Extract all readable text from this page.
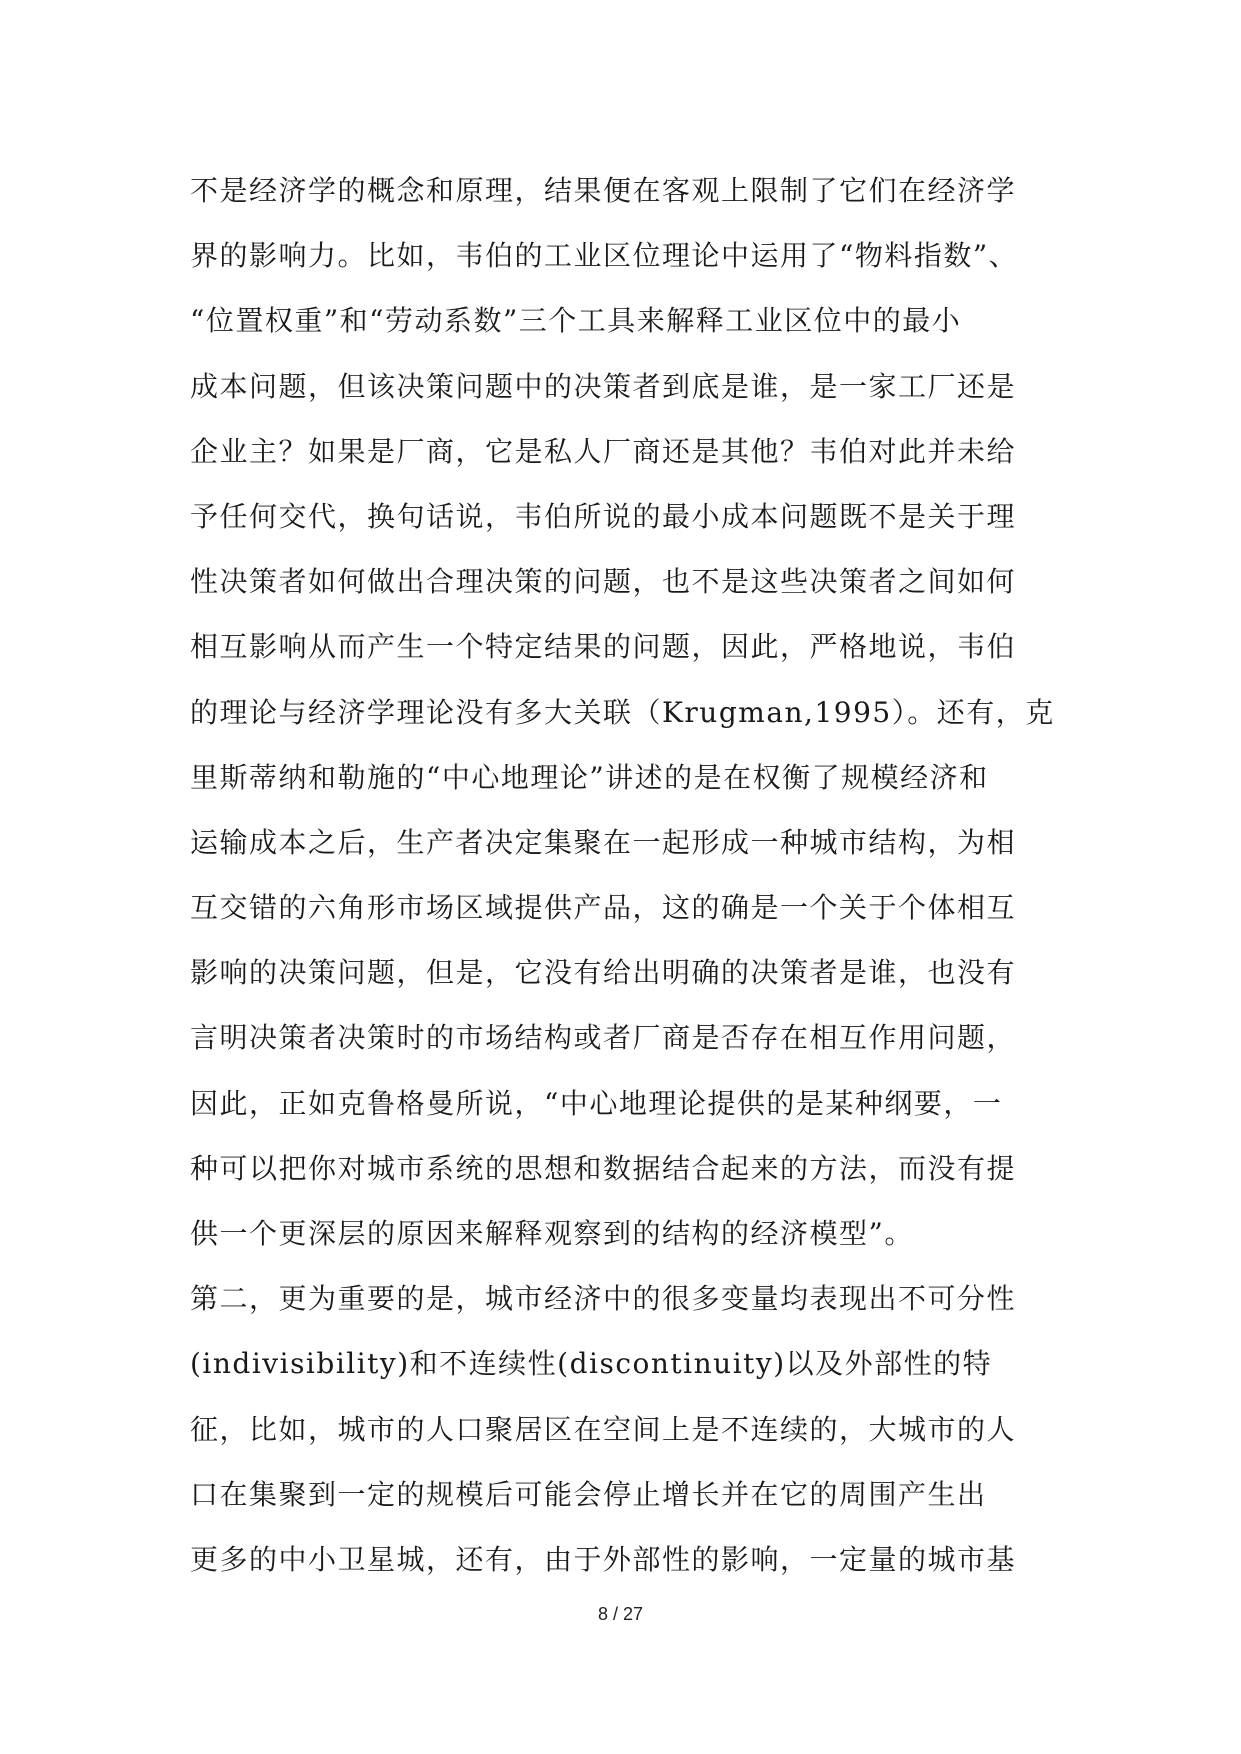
不是经济学的概念和原理，结果便在客观上限制了它们在经济学
界的影响力。比如，韦伯的工业区位理论中运用了“物料指数”、
“位置权重”和“劳动系数”三个工具来解释工业区位中的最小
成本问题，但该决策问题中的决策者到底是谁，是一家工厂还是
企业主？如果是厂商，它是私人厂商还是其他？韦伯对此并未给
予任何交代，换句话说，韦伯所说的最小成本问题既不是关于理
性决策者如何做出合理决策的问题，也不是这些决策者之间如何
相互影响从而产生一个特定结果的问题，因此，严格地说，韦伯
的理论与经济学理论没有多大关联（Krugman,1995）。还有，克
里斯蒂纳和勒施的“中心地理论”讲述的是在权衡了规模经济和
运输成本之后，生产者决定集聚在一起形成一种城市结构，为相
互交错的六角形市场区域提供产品，这的确是一个关于个体相互
影响的决策问题，但是，它没有给出明确的决策者是谁，也没有
言明决策者决策时的市场结构或者厂商是否存在相互作用问题，
因此，正如克鲁格曼所说，“中心地理论提供的是某种纲要，一
种可以把你对城市系统的思想和数据结合起来的方法，而没有提
供一个更深层的原因来解释观察到的结构的经济模型”。
第二，更为重要的是，城市经济中的很多变量均表现出不可分性
(indivisibility)和不连续性(discontinuity)以及外部性的特
征，比如，城市的人口聚居区在空间上是不连续的，大城市的人
口在集聚到一定的规模后可能会停止增长并在它的周围产生出
更多的中小卫星城，还有，由于外部性的影响，一定量的城市基
8 / 27
